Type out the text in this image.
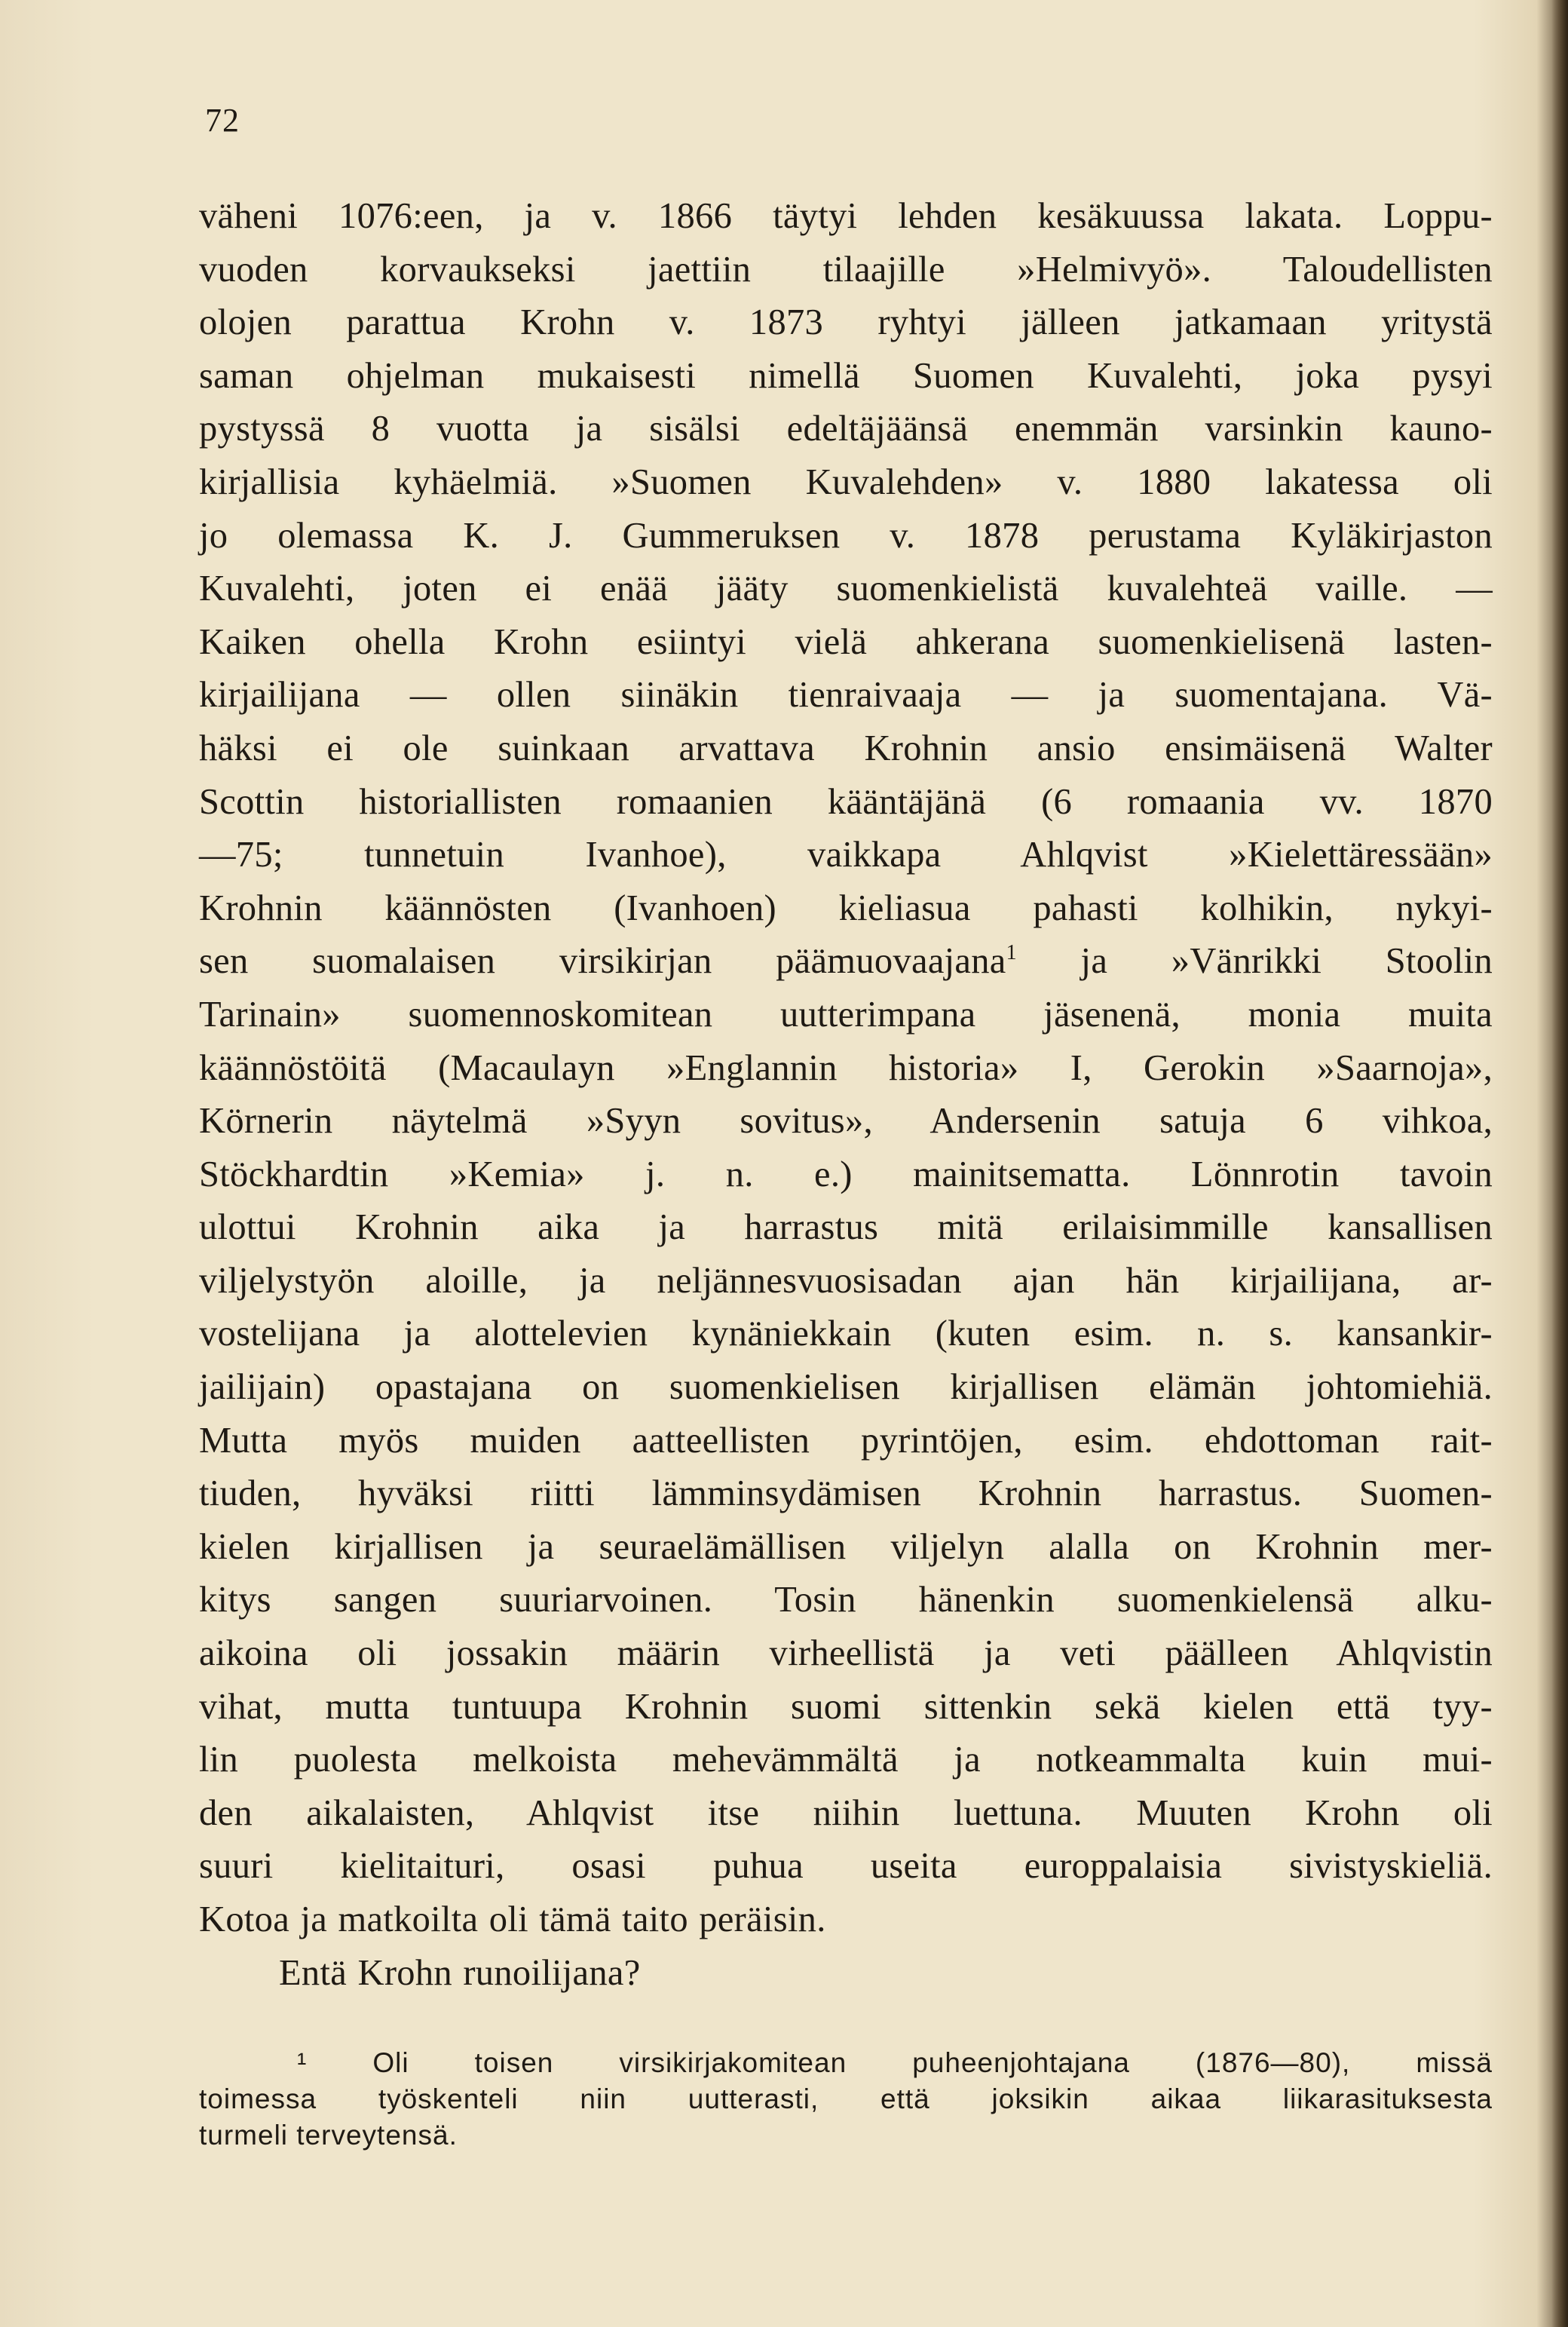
72
väheni 1076:een, ja v. 1866 täytyi lehden kesäkuussa lakata. Loppu-
vuoden korvaukseksi jaettiin tilaajille »Helmivyö». Taloudellisten
olojen parattua Krohn v. 1873 ryhtyi jälleen jatkamaan yritystä
saman ohjelman mukaisesti nimellä Suomen Kuvalehti, joka pysyi
pystyssä 8 vuotta ja sisälsi edeltäjäänsä enemmän varsinkin kauno-
kirjallisia kyhäelmiä. »Suomen Kuvalehden» v. 1880 lakatessa oli
jo olemassa K. J. Gummeruksen v. 1878 perustama Kyläkirjaston
Kuvalehti, joten ei enää jääty suomenkielistä kuvalehteä vaille. —
Kaiken ohella Krohn esiintyi vielä ahkerana suomenkielisenä lasten-
kirjailijana — ollen siinäkin tienraivaaja — ja suomentajana. Vä-
häksi ei ole suinkaan arvattava Krohnin ansio ensimäisenä Walter
Scottin historiallisten romaanien kääntäjänä (6 romaania vv. 1870
—75; tunnetuin Ivanhoe), vaikkapa Ahlqvist »Kielettäressään»
Krohnin käännösten (Ivanhoen) kieliasua pahasti kolhikin, nykyi-
sen suomalaisen virsikirjan päämuovaajana$^1$ ja »Vänrikki Stoolin
Tarinain» suomennoskomitean uutterimpana jäsenenä, monia muita
käännöstöitä (Macaulayn »Englannin historia» I, Gerokin »Saarnoja»,
Körnerin näytelmä »Syyn sovitus», Andersenin satuja 6 vihkoa,
Stöckhardtin »Kemia» j. n. e.) mainitsematta. Lönnrotin tavoin
ulottui Krohnin aika ja harrastus mitä erilaisimmille kansallisen
viljelystyön aloille, ja neljännesvuosisadan ajan hän kirjailijana, ar-
vostelijana ja alottelevien kynäniekkain (kuten esim. n. s. kansankir-
jailijain) opastajana on suomenkielisen kirjallisen elämän johtomiehiä.
Mutta myös muiden aatteellisten pyrintöjen, esim. ehdottoman rait-
tiuden, hyväksi riitti lämminsydämisen Krohnin harrastus. Suomen-
kielen kirjallisen ja seuraelämällisen viljelyn alalla on Krohnin mer-
kitys sangen suuriarvoinen. Tosin hänenkin suomenkielensä alku-
aikoina oli jossakin määrin virheellistä ja veti päälleen Ahlqvistin
vihat, mutta tuntuupa Krohnin suomi sittenkin sekä kielen että tyy-
lin puolesta melkoista mehevämmältä ja notkeammalta kuin mui-
den aikalaisten, Ahlqvist itse niihin luettuna. Muuten Krohn oli
suuri kielitaituri, osasi puhua useita europpalaisia sivistyskieliä.
Kotoa ja matkoilta oli tämä taito peräisin.
Entä Krohn runoilijana?
¹ Oli toisen virsikirjakomitean puheenjohtajana (1876—80), missä
toimessa työskenteli niin uutterasti, että joksikin aikaa liikarasituksesta
turmeli terveytensä.
